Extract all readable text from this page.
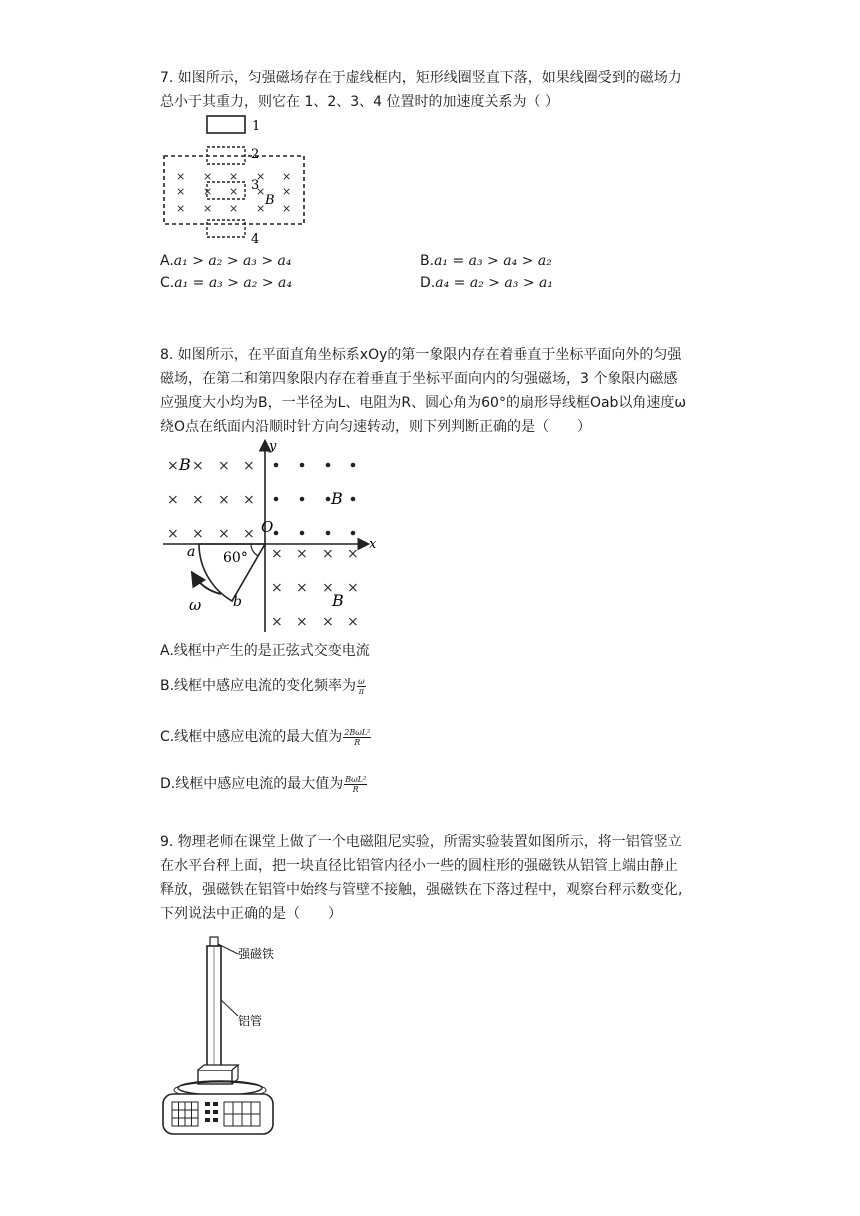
7. 如图所示，匀强磁场存在于虚线框内，矩形线圈竖直下落，如果线圈受到的磁场力
总小于其重力，则它在 1、2、3、4 位置时的加速度关系为（ ）
1
2
3
4
B
× × × × ×
× × × × ×
× × × × ×
A.a₁ > a₂ > a₃ > a₄	B.a₁ = a₃ > a₄ > a₂
C.a₁ = a₃ > a₂ > a₄	D.a₄ = a₂ > a₃ > a₁
8. 如图所示，在平面直角坐标系xOy的第一象限内存在着垂直于坐标平面向外的匀强
磁场，在第二和第四象限内存在着垂直于坐标平面向内的匀强磁场，3 个象限内磁感
应强度大小均为B，一半径为L、电阻为R、圆心角为60°的扇形导线框Oab以角速度ω
绕O点在纸面内沿顺时针方向匀速转动，则下列判断正确的是（　　）
y
x
O
× × × ×
× × × ×
× × × ×
B
B
× × × ×
× × × ×
× × × ×
B
60°
a
b
ω
A.线框中产生的是正弦式交变电流
B.线框中感应电流的变化频率为 $\frac{\omega}{\pi}$
C.线框中感应电流的最大值为 $\frac{\text{2BωL²}}{R}$
D.线框中感应电流的最大值为 $\frac{\text{BωL²}}{R}$
9. 物理老师在课堂上做了一个电磁阻尼实验，所需实验装置如图所示，将一铝管竖立
在水平台秤上面，把一块直径比铝管内径小一些的圆柱形的强磁铁从铝管上端由静止
释放，强磁铁在铝管中始终与管壁不接触，强磁铁在下落过程中，观察台秤示数变化,
下列说法中正确的是（　　）
强磁铁
铝管
